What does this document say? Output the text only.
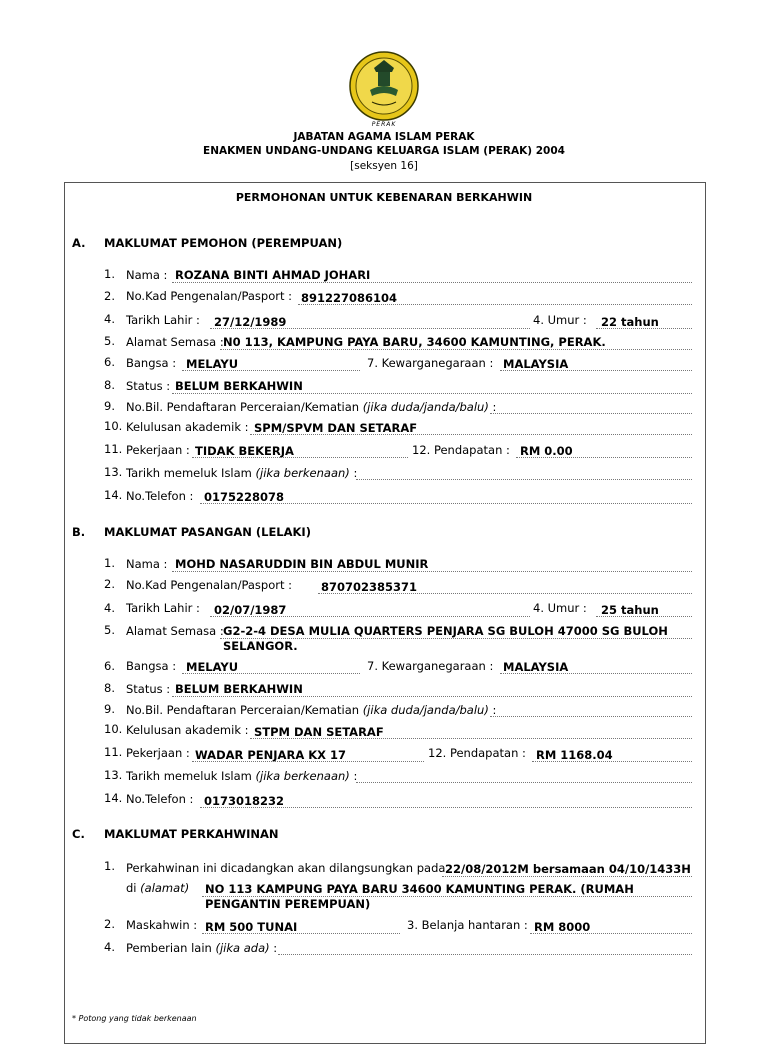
PERAK
JABATAN AGAMA ISLAM PERAK
ENAKMEN UNDANG-UNDANG KELUARGA ISLAM (PERAK) 2004
[seksyen 16]
PERMOHONAN UNTUK KEBENARAN BERKAHWIN
A. MAKLUMAT PEMOHON (PEREMPUAN)
1. Nama : ROZANA BINTI AHMAD JOHARI
2. No.Kad Pengenalan/Pasport : 891227086104
4. Tarikh Lahir : 27/12/1989	4. Umur : 22 tahun
5. Alamat Semasa : N0 113, KAMPUNG PAYA BARU, 34600 KAMUNTING, PERAK.
6. Bangsa : MELAYU	7. Kewarganegaraan : MALAYSIA
8. Status : BELUM BERKAHWIN
9. No.Bil. Pendaftaran Perceraian/Kematian (jika duda/janda/balu) :
10. Kelulusan akademik : SPM/SPVM DAN SETARAF
11. Pekerjaan : TIDAK BEKERJA	12. Pendapatan : RM 0.00
13. Tarikh memeluk Islam (jika berkenaan) :
14. No.Telefon : 0175228078
B. MAKLUMAT PASANGAN (LELAKI)
1. Nama : MOHD NASARUDDIN BIN ABDUL MUNIR
2. No.Kad Pengenalan/Pasport :	870702385371
4. Tarikh Lahir : 02/07/1987	4. Umur : 25 tahun
5. Alamat Semasa : G2-2-4 DESA MULIA QUARTERS PENJARA SG BULOH 47000 SG BULOH
SELANGOR.
6. Bangsa : MELAYU	7. Kewarganegaraan : MALAYSIA
8. Status : BELUM BERKAHWIN
9. No.Bil. Pendaftaran Perceraian/Kematian (jika duda/janda/balu) :
10. Kelulusan akademik : STPM DAN SETARAF
11. Pekerjaan : WADAR PENJARA KX 17	12. Pendapatan : RM 1168.04
13. Tarikh memeluk Islam (jika berkenaan) :
14. No.Telefon : 0173018232
C. MAKLUMAT PERKAHWINAN
1. Perkahwinan ini dicadangkan akan dilangsungkan pada 22/08/2012M bersamaan 04/10/1433H
di (alamat) NO 113 KAMPUNG PAYA BARU 34600 KAMUNTING PERAK. (RUMAH
PENGANTIN PEREMPUAN)
2. Maskahwin : RM 500 TUNAI	3. Belanja hantaran : RM 8000
4. Pemberian lain (jika ada) :
* Potong yang tidak berkenaan
